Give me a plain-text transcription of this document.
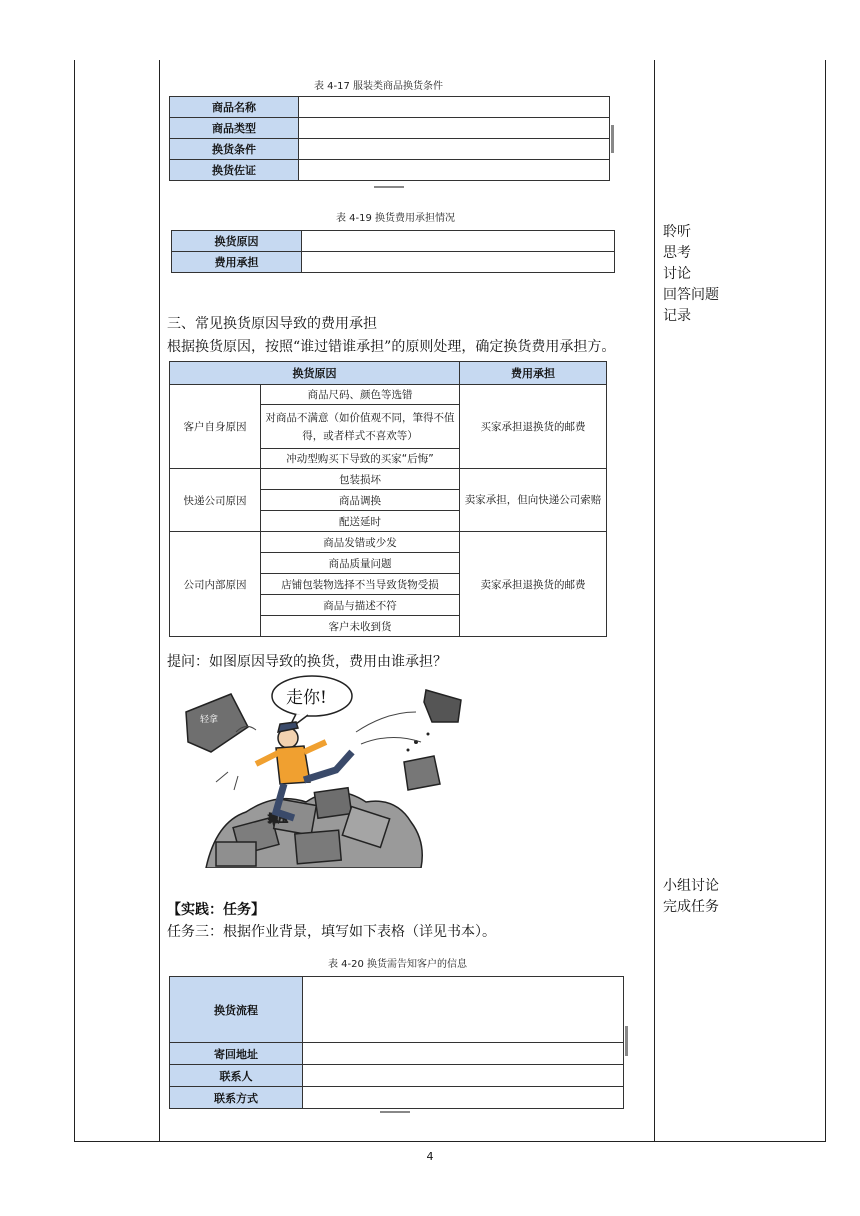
表 4-17 服装类商品换货条件
商品名称	
商品类型	
换货条件	
换货佐证	
表 4-19 换货费用承担情况
换货原因	
费用承担	
三、常见换货原因导致的费用承担
根据换货原因，按照“谁过错谁承担”的原则处理，确定换货费用承担方。
换货原因		费用承担
客户自身原因	商品尺码、颜色等选错	买家承担退换货的邮费
	对商品不满意（如价值观不同，筆得不值得，或者样式不喜欢等）	
	冲动型购买下导致的买家“后悔”	
快递公司原因	包装损坏	卖家承担，但向快递公司索赔
	商品调换	
	配送延时	
公司内部原因	商品发错或少发	卖家承担退换货的邮费
	商品质量问题	
	店铺包装物选择不当导致货物受损	
	商品与描述不符	
	客户未收到货	
提问：如图原因导致的换货，费用由谁承担？
抛压
轻拿
走你!
【实践：任务】
任务三：根据作业背景，填写如下表格（详见书本）。
表 4-20 换货需告知客户的信息
换货流程	
寄回地址	
联系人	
联系方式	
聆听
思考
讨论
回答问题
记录
小组讨论
完成任务
4
